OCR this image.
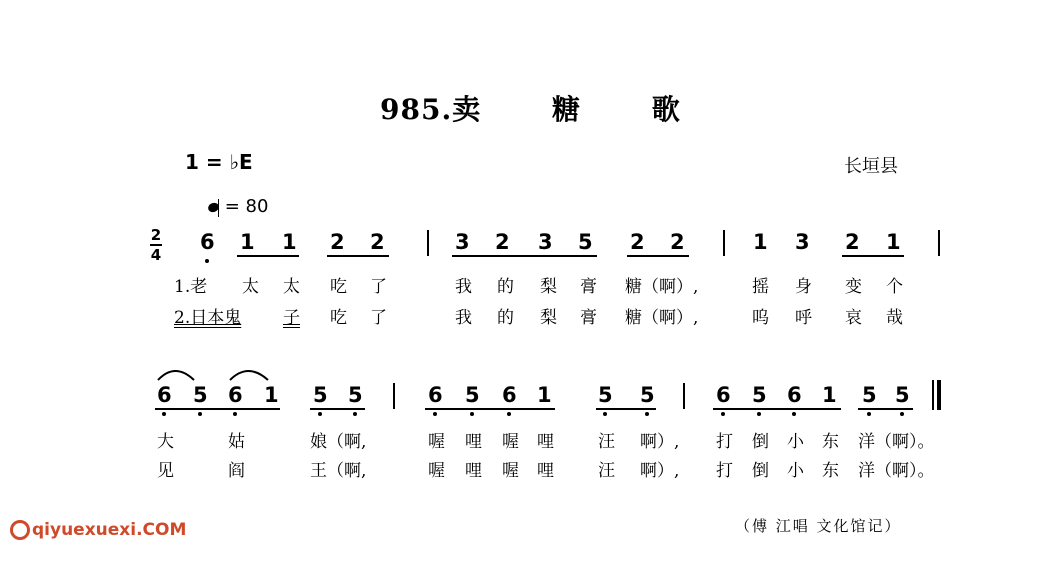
985.卖	糖	歌
1 = ♭E	长垣县
= 80
2
4
6 1 1 2 2	3 2 3 5 2 2	1 3 2 1
1.老 太 太 吃 了	我 的 梨 膏 糖（啊）,	摇 身 变 个
2.日本鬼 子 吃 了	我 的 梨 膏 糖（啊）,	呜 呼 哀 哉
6 5 6 1 5 5	6 5 6 1 5 5	6 5 6 1 5 5
大	姑	娘（啊,	喔 哩 喔 哩	汪 啊）, 打 倒 小 东 洋（啊）。
见	阎	王（啊,	喔 哩 喔 哩	汪 啊）, 打 倒 小 东 洋（啊）。
（傅 江唱 文化馆记）
qiyuexuexi.COM
